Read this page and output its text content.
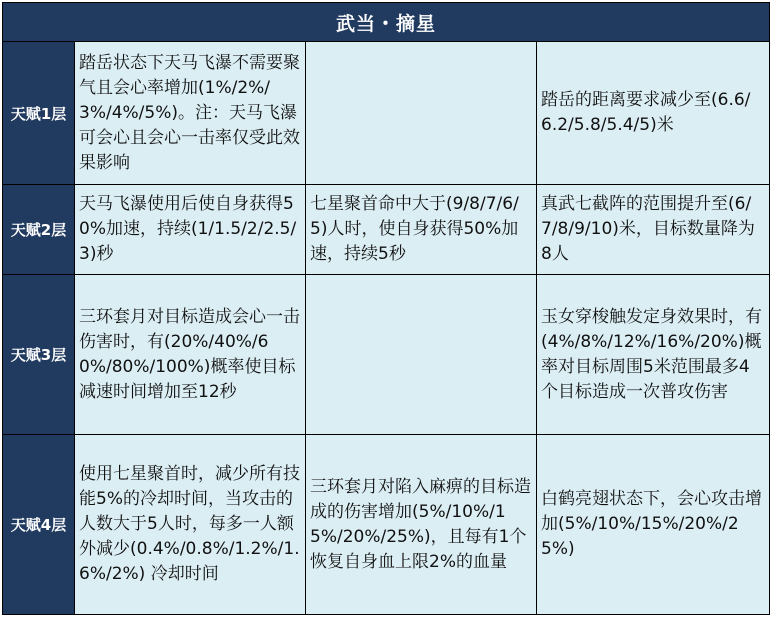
武当・摘星			
天赋1层	踏岳状态下天马飞瀑不需要聚气且会心率增加(1%/2%/3%/4%/5%)。注：天马飞瀑可会心且会心一击率仅受此效果影响		踏岳的距离要求减少至(6.6/6.2/5.8/5.4/5)米
天赋2层	天马飞瀑使用后使自身获得50%加速，持续(1/1.5/2/2.5/3)秒	七星聚首命中大于(9/8/7/6/5)人时，使自身获得50%加速，持续5秒	真武七截阵的范围提升至(6/7/8/9/10)米，目标数量降为8人
天赋3层	三环套月对目标造成会心一击伤害时，有(20%/40%/60%/80%/100%)概率使目标减速时间增加至12秒		玉女穿梭触发定身效果时，有(4%/8%/12%/16%/20%)概率对目标周围5米范围最多4个目标造成一次普攻伤害
天赋4层	使用七星聚首时，减少所有技能5%的冷却时间，当攻击的人数大于5人时，每多一人额外减少(0.4%/0.8%/1.2%/1.6%/2%) 冷却时间	三环套月对陷入麻痹的目标造成的伤害增加(5%/10%/15%/20%/25%)，且每有1个恢复自身血上限2%的血量	白鹤亮翅状态下，会心攻击增加(5%/10%/15%/20%/25%)
